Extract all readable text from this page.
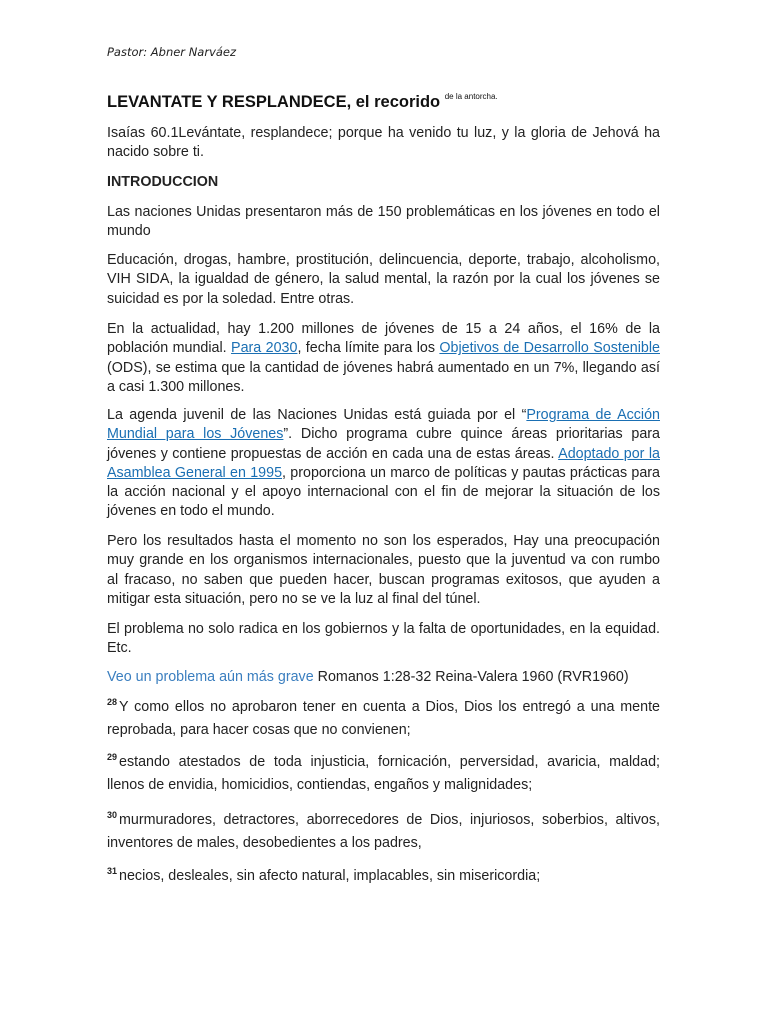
Pastor: Abner Narváez
LEVANTATE Y RESPLANDECE, el recorido $^{de la antorcha.}$
Isaías 60.1Levántate, resplandece; porque ha venido tu luz, y la gloria de Jehová ha nacido sobre ti.
INTRODUCCION
Las naciones Unidas presentaron más de 150 problemáticas en los jóvenes en todo el mundo
Educación, drogas, hambre, prostitución, delincuencia, deporte, trabajo, alcoholismo, VIH SIDA, la igualdad de género, la salud mental, la razón por la cual los jóvenes se suicidad es por la soledad. Entre otras.
En la actualidad, hay 1.200 millones de jóvenes de 15 a 24 años, el 16% de la población mundial. Para 2030, fecha límite para los Objetivos de Desarrollo Sostenible (ODS), se estima que la cantidad de jóvenes habrá aumentado en un 7%, llegando así a casi 1.300 millones.
La agenda juvenil de las Naciones Unidas está guiada por el “Programa de Acción Mundial para los Jóvenes”. Dicho programa cubre quince áreas prioritarias para jóvenes y contiene propuestas de acción en cada una de estas áreas. Adoptado por la Asamblea General en 1995, proporciona un marco de políticas y pautas prácticas para la acción nacional y el apoyo internacional con el fin de mejorar la situación de los jóvenes en todo el mundo.
Pero los resultados hasta el momento no son los esperados, Hay una preocupación muy grande en los organismos internacionales, puesto que la juventud va con rumbo al fracaso, no saben que pueden hacer, buscan programas exitosos, que ayuden a mitigar esta situación, pero no se ve la luz al final del túnel.
El problema no solo radica en los gobiernos y la falta de oportunidades, en la equidad. Etc.
Veo un problema aún más grave Romanos 1:28-32 Reina-Valera 1960 (RVR1960)
$^{28}$ Y como ellos no aprobaron tener en cuenta a Dios, Dios los entregó a una mente reprobada, para hacer cosas que no convienen;
$^{29}$ estando atestados de toda injusticia, fornicación, perversidad, avaricia, maldad; llenos de envidia, homicidios, contiendas, engaños y malignidades;
$^{30}$ murmuradores, detractores, aborrecedores de Dios, injuriosos, soberbios, altivos, inventores de males, desobedientes a los padres,
$^{31}$ necios, desleales, sin afecto natural, implacables, sin misericordia;
